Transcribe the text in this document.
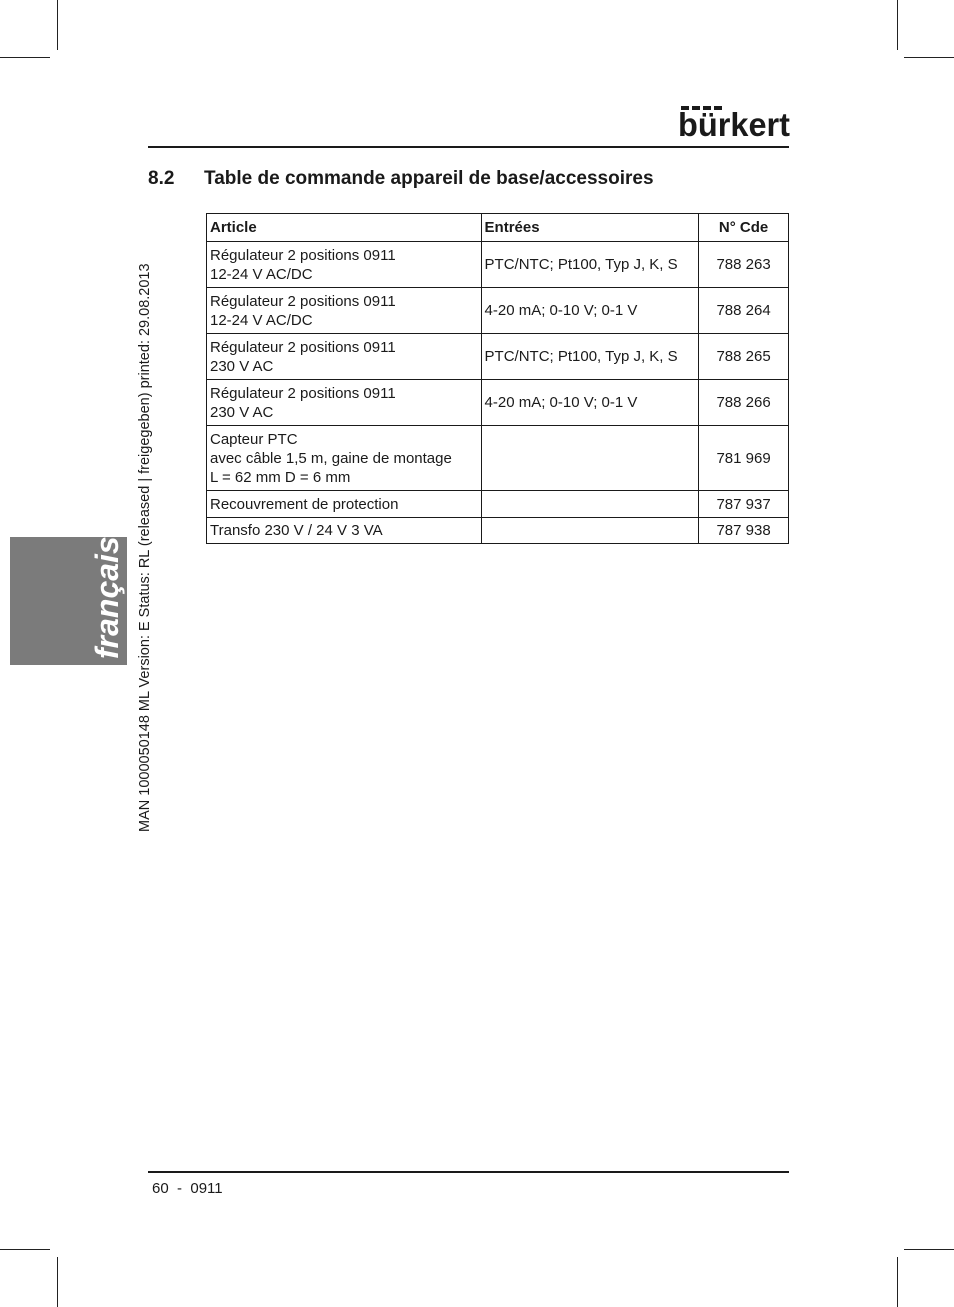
bürkert
8.2 Table de commande appareil de base/accessoires
MAN 1000050148 ML Version: E Status: RL (released | freigegeben) printed: 29.08.2013
français
Article	Entrées	N° Cde

Régulateur 2 positions 0911
12-24 V AC/DC	PTC/NTC; Pt100, Typ J, K, S	788 263

Régulateur 2 positions 0911
12-24 V AC/DC	4-20 mA; 0-10 V; 0-1 V	788 264

Régulateur 2 positions 0911
230 V AC	PTC/NTC; Pt100, Typ J, K, S	788 265

Régulateur 2 positions 0911
230 V AC	4-20 mA; 0-10 V; 0-1 V	788 266

Capteur PTC
avec câble 1,5 m, gaine de montage
L = 62 mm D = 6 mm		781 969

Recouvrement de protection		787 937

Transfo 230 V / 24 V 3 VA		787 938
60  -  0911
